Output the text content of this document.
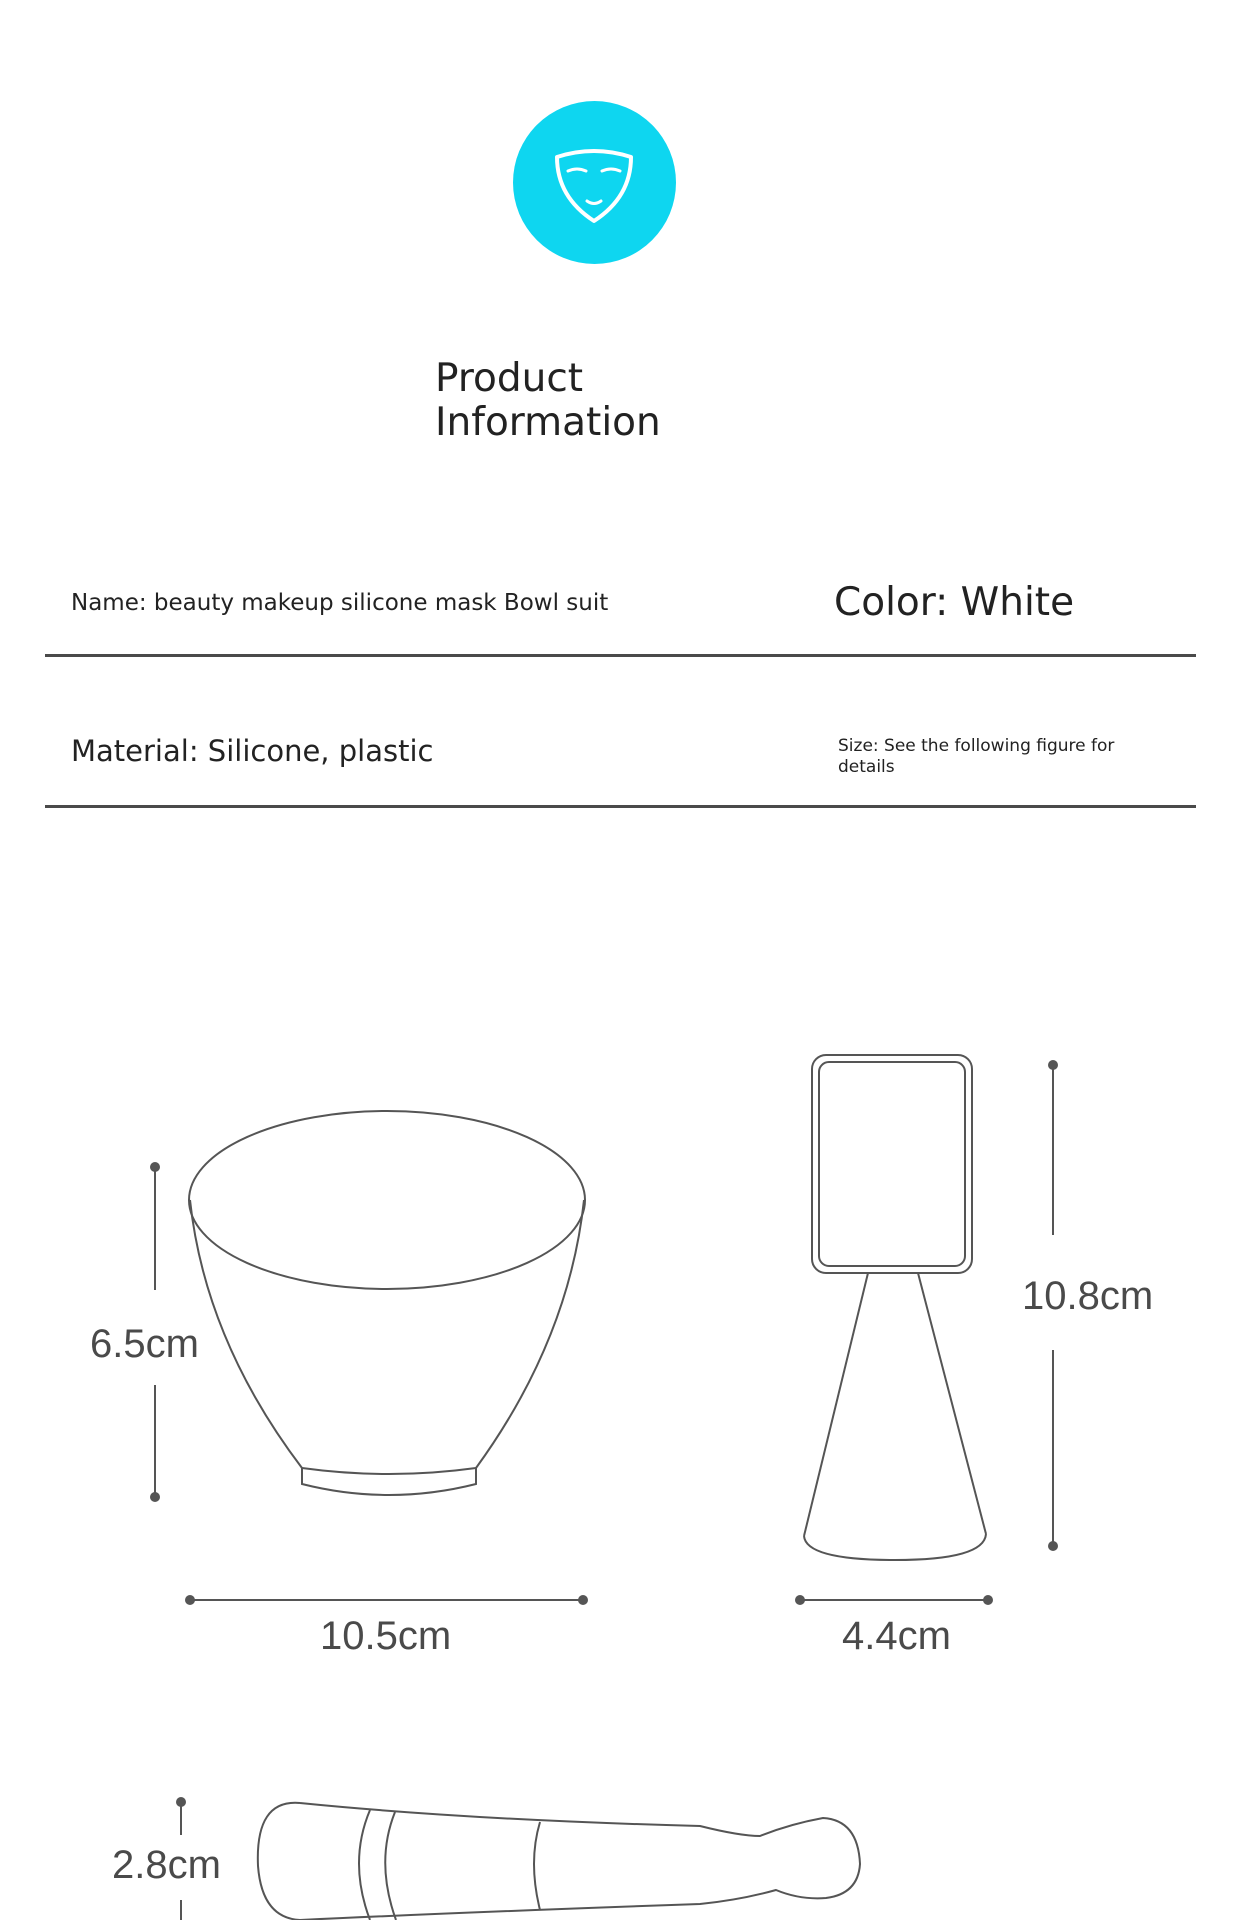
Product
Information
Name: beauty makeup silicone mask Bowl suit	Color: White
Material: Silicone, plastic	Size: See the following figure for details
6.5cm
10.5cm
10.8cm
4.4cm
2.8cm
